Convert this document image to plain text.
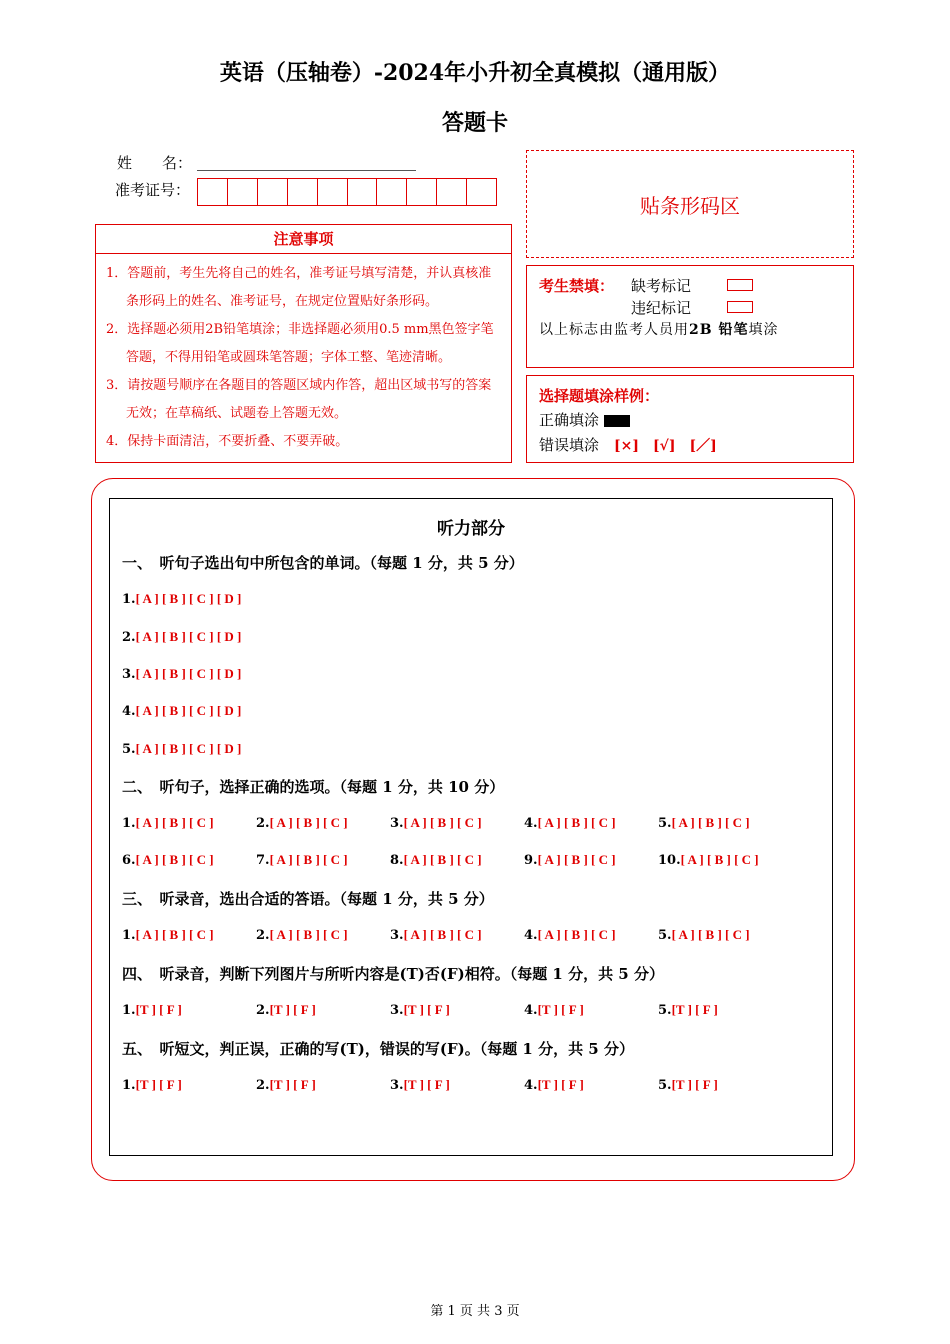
英语（压轴卷）-2024年小升初全真模拟（通用版）
答题卡
姓　　名：
准考证号：
贴条形码区
注意事项
1．答题前，考生先将自己的姓名，准考证号填写清楚，并认真核准条形码上的姓名、准考证号，在规定位置贴好条形码。
2．选择题必须用2B铅笔填涂；非选择题必须用0.5 mm黑色签字笔答题，不得用铅笔或圆珠笔答题；字体工整、笔迹清晰。
3．请按题号顺序在各题目的答题区域内作答，超出区域书写的答案无效；在草稿纸、试题卷上答题无效。
4．保持卡面清洁，不要折叠、不要弄破。
考生禁填： 缺考标记
违纪标记
以上标志由监考人员用2B 铅笔填涂
选择题填涂样例：
正确填涂
错误填涂　 [×]　[√]　[／]
听力部分
一、　听句子选出句中所包含的单词。（每题 1 分，共 5 分）
二、　听句子，选择正确的选项。（每题 1 分，共 10 分）
三、　听录音，选出合适的答语。（每题 1 分，共 5 分）
四、　听录音，判断下列图片与所听内容是(T)否(F)相符。（每题 1 分，共 5 分）
五、　听短文，判正误，正确的写(T)，错误的写(F)。（每题 1 分，共 5 分）
第 1 页 共 3 页
1.[ A ] [ B ] [ C ] [ D ]
2.[ A ] [ B ] [ C ] [ D ]
3.[ A ] [ B ] [ C ] [ D ]
4.[ A ] [ B ] [ C ] [ D ]
5.[ A ] [ B ] [ C ] [ D ]
1.[ A ] [ B ] [ C ]	2.[ A ] [ B ] [ C ]	3.[ A ] [ B ] [ C ]	4.[ A ] [ B ] [ C ]	5.[ A ] [ B ] [ C ]
6.[ A ] [ B ] [ C ]	7.[ A ] [ B ] [ C ]	8.[ A ] [ B ] [ C ]	9.[ A ] [ B ] [ C ]	10.[ A ] [ B ] [ C ]
1.[ A ] [ B ] [ C ]	2.[ A ] [ B ] [ C ]	3.[ A ] [ B ] [ C ]	4.[ A ] [ B ] [ C ]	5.[ A ] [ B ] [ C ]
1.[T ] [ F ]	2.[T ] [ F ]	3.[T ] [ F ]	4.[T ] [ F ]	5.[T ] [ F ]
1.[T ] [ F ]	2.[T ] [ F ]	3.[T ] [ F ]	4.[T ] [ F ]	5.[T ] [ F ]
